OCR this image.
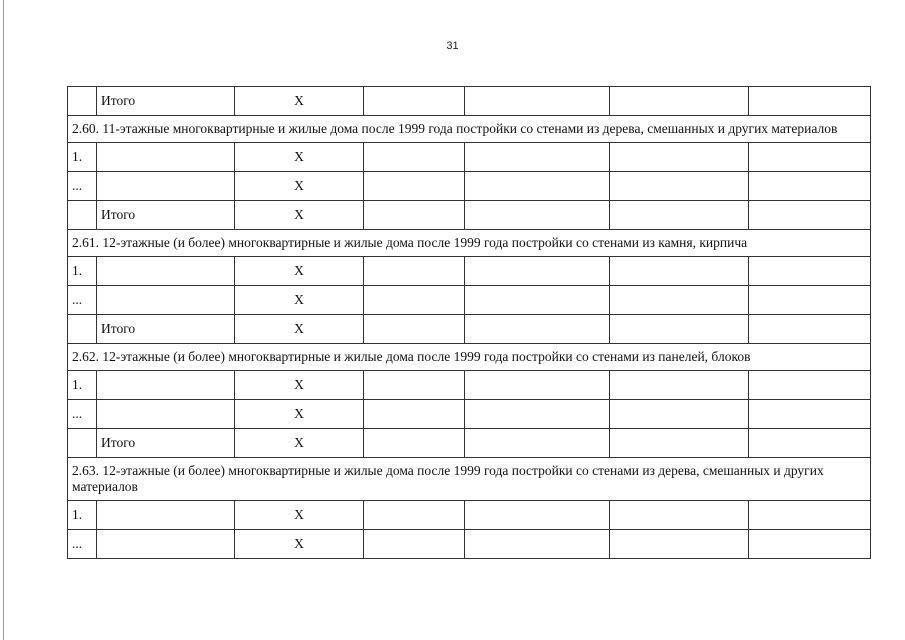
31
	Итого	X				
2.60. 11-этажные многоквартирные и жилые дома после 1999 года постройки со стенами из дерева, смешанных и других материалов						
1.		X				
...		X				
	Итого	X				
2.61. 12-этажные (и более) многоквартирные и жилые дома после 1999 года постройки со стенами из камня, кирпича						
1.		X				
...		X				
	Итого	X				
2.62. 12-этажные (и более) многоквартирные и жилые дома после 1999 года постройки со стенами из панелей, блоков						
1.		X				
...		X				
	Итого	X				
2.63. 12-этажные (и более) многоквартирные и жилые дома после 1999 года постройки со стенами из дерева, смешанных и других материалов						
1.		X				
...		X				
